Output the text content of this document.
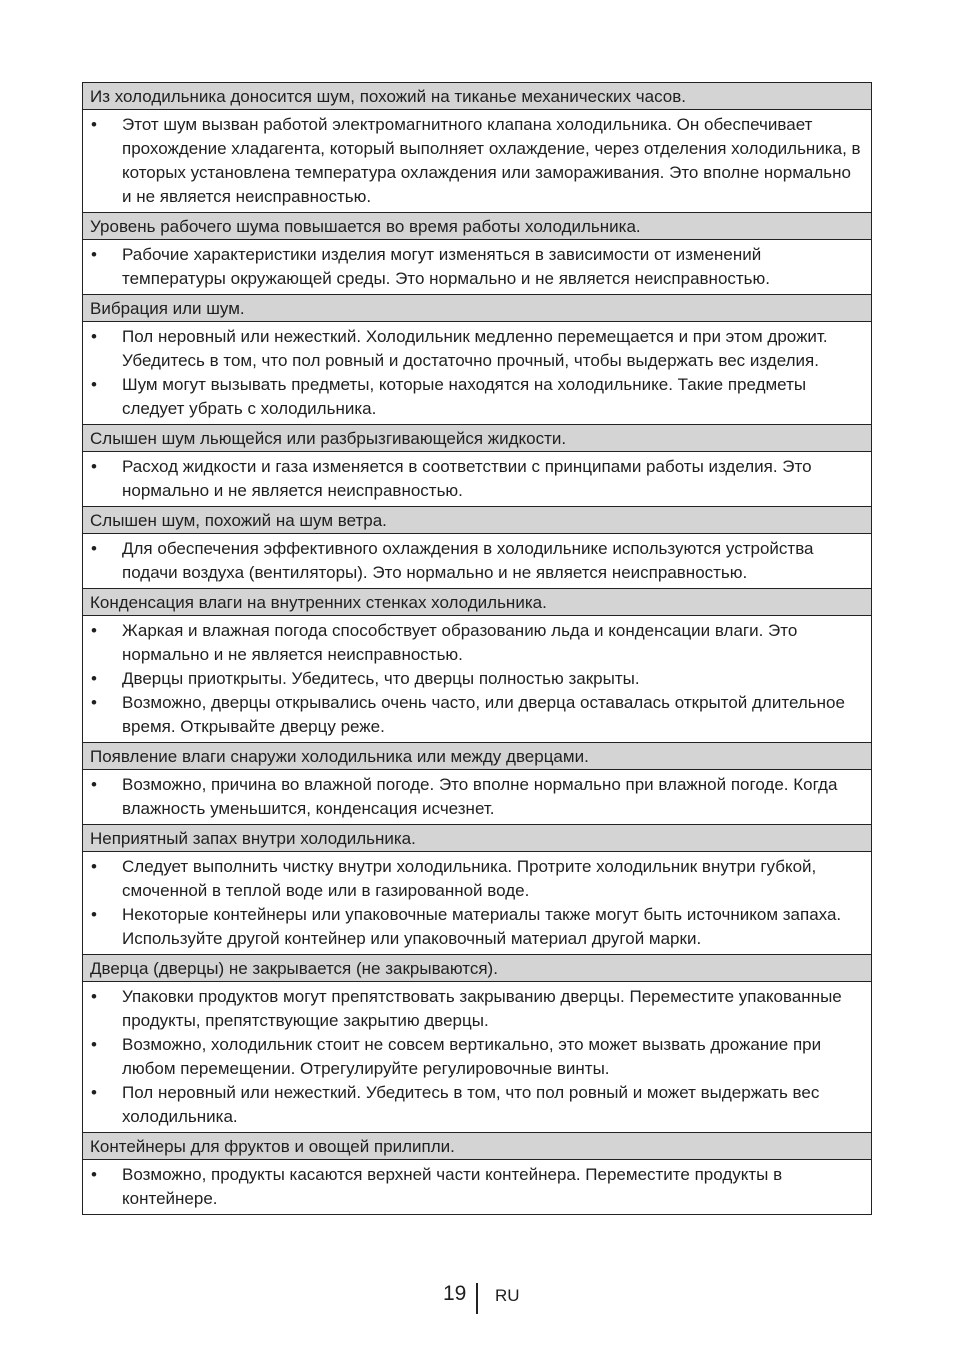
Из холодильника доносится шум, похожий на тиканье механических часов.
•	Этот шум вызван работой электромагнитного клапана холодильника. Он обеспечивает прохождение хладагента, который выполняет охлаждение, через отделения холодильника, в которых установлена температура охлаждения или замораживания. Это вполне нормально и не является неисправностью.
Уровень рабочего шума повышается во время работы холодильника.
•	Рабочие характеристики изделия могут изменяться в зависимости от изменений температуры окружающей среды. Это нормально и не является неисправностью.
Вибрация или шум.
•	Пол неровный или нежесткий. Холодильник медленно перемещается и при этом дрожит. Убедитесь в том, что пол ровный и достаточно прочный, чтобы выдержать вес изделия.
•	Шум могут вызывать предметы, которые находятся на холодильнике. Такие предметы следует убрать с холодильника.
Слышен шум льющейся или разбрызгивающейся жидкости.
•	Расход жидкости и газа изменяется в соответствии с принципами работы изделия. Это нормально и не является неисправностью.
Слышен шум, похожий на шум ветра.
•	Для обеспечения эффективного охлаждения в холодильнике используются устройства подачи воздуха (вентиляторы). Это нормально и не является неисправностью.
Конденсация влаги на внутренних стенках холодильника.
•	Жаркая и влажная погода способствует образованию льда и конденсации влаги. Это нормально и не является неисправностью.
•	Дверцы приоткрыты. Убедитесь, что дверцы полностью закрыты.
•	Возможно, дверцы открывались очень часто, или дверца оставалась открытой длительное время. Открывайте дверцу реже.
Появление влаги снаружи холодильника или между дверцами.
•	Возможно, причина во влажной погоде. Это вполне нормально при влажной погоде. Когда влажность уменьшится, конденсация исчезнет.
Неприятный запах внутри холодильника.
•	Следует выполнить чистку внутри холодильника. Протрите холодильник внутри губкой, смоченной в теплой воде или в газированной воде.
•	Некоторые контейнеры или упаковочные материалы также могут быть источником запаха. Используйте другой контейнер или упаковочный материал другой марки.
Дверца (дверцы) не закрывается (не закрываются).
•	Упаковки продуктов могут препятствовать закрыванию дверцы. Переместите упакованные продукты, препятствующие закрытию дверцы.
•	Возможно, холодильник стоит не совсем вертикально, это может вызвать дрожание при любом перемещении. Отрегулируйте регулировочные винты.
•	Пол неровный или нежесткий. Убедитесь в том, что пол ровный и может выдержать вес холодильника.
Контейнеры для фруктов и овощей прилипли.
•	Возможно, продукты касаются верхней части контейнера. Переместите продукты в контейнере.
19 RU
